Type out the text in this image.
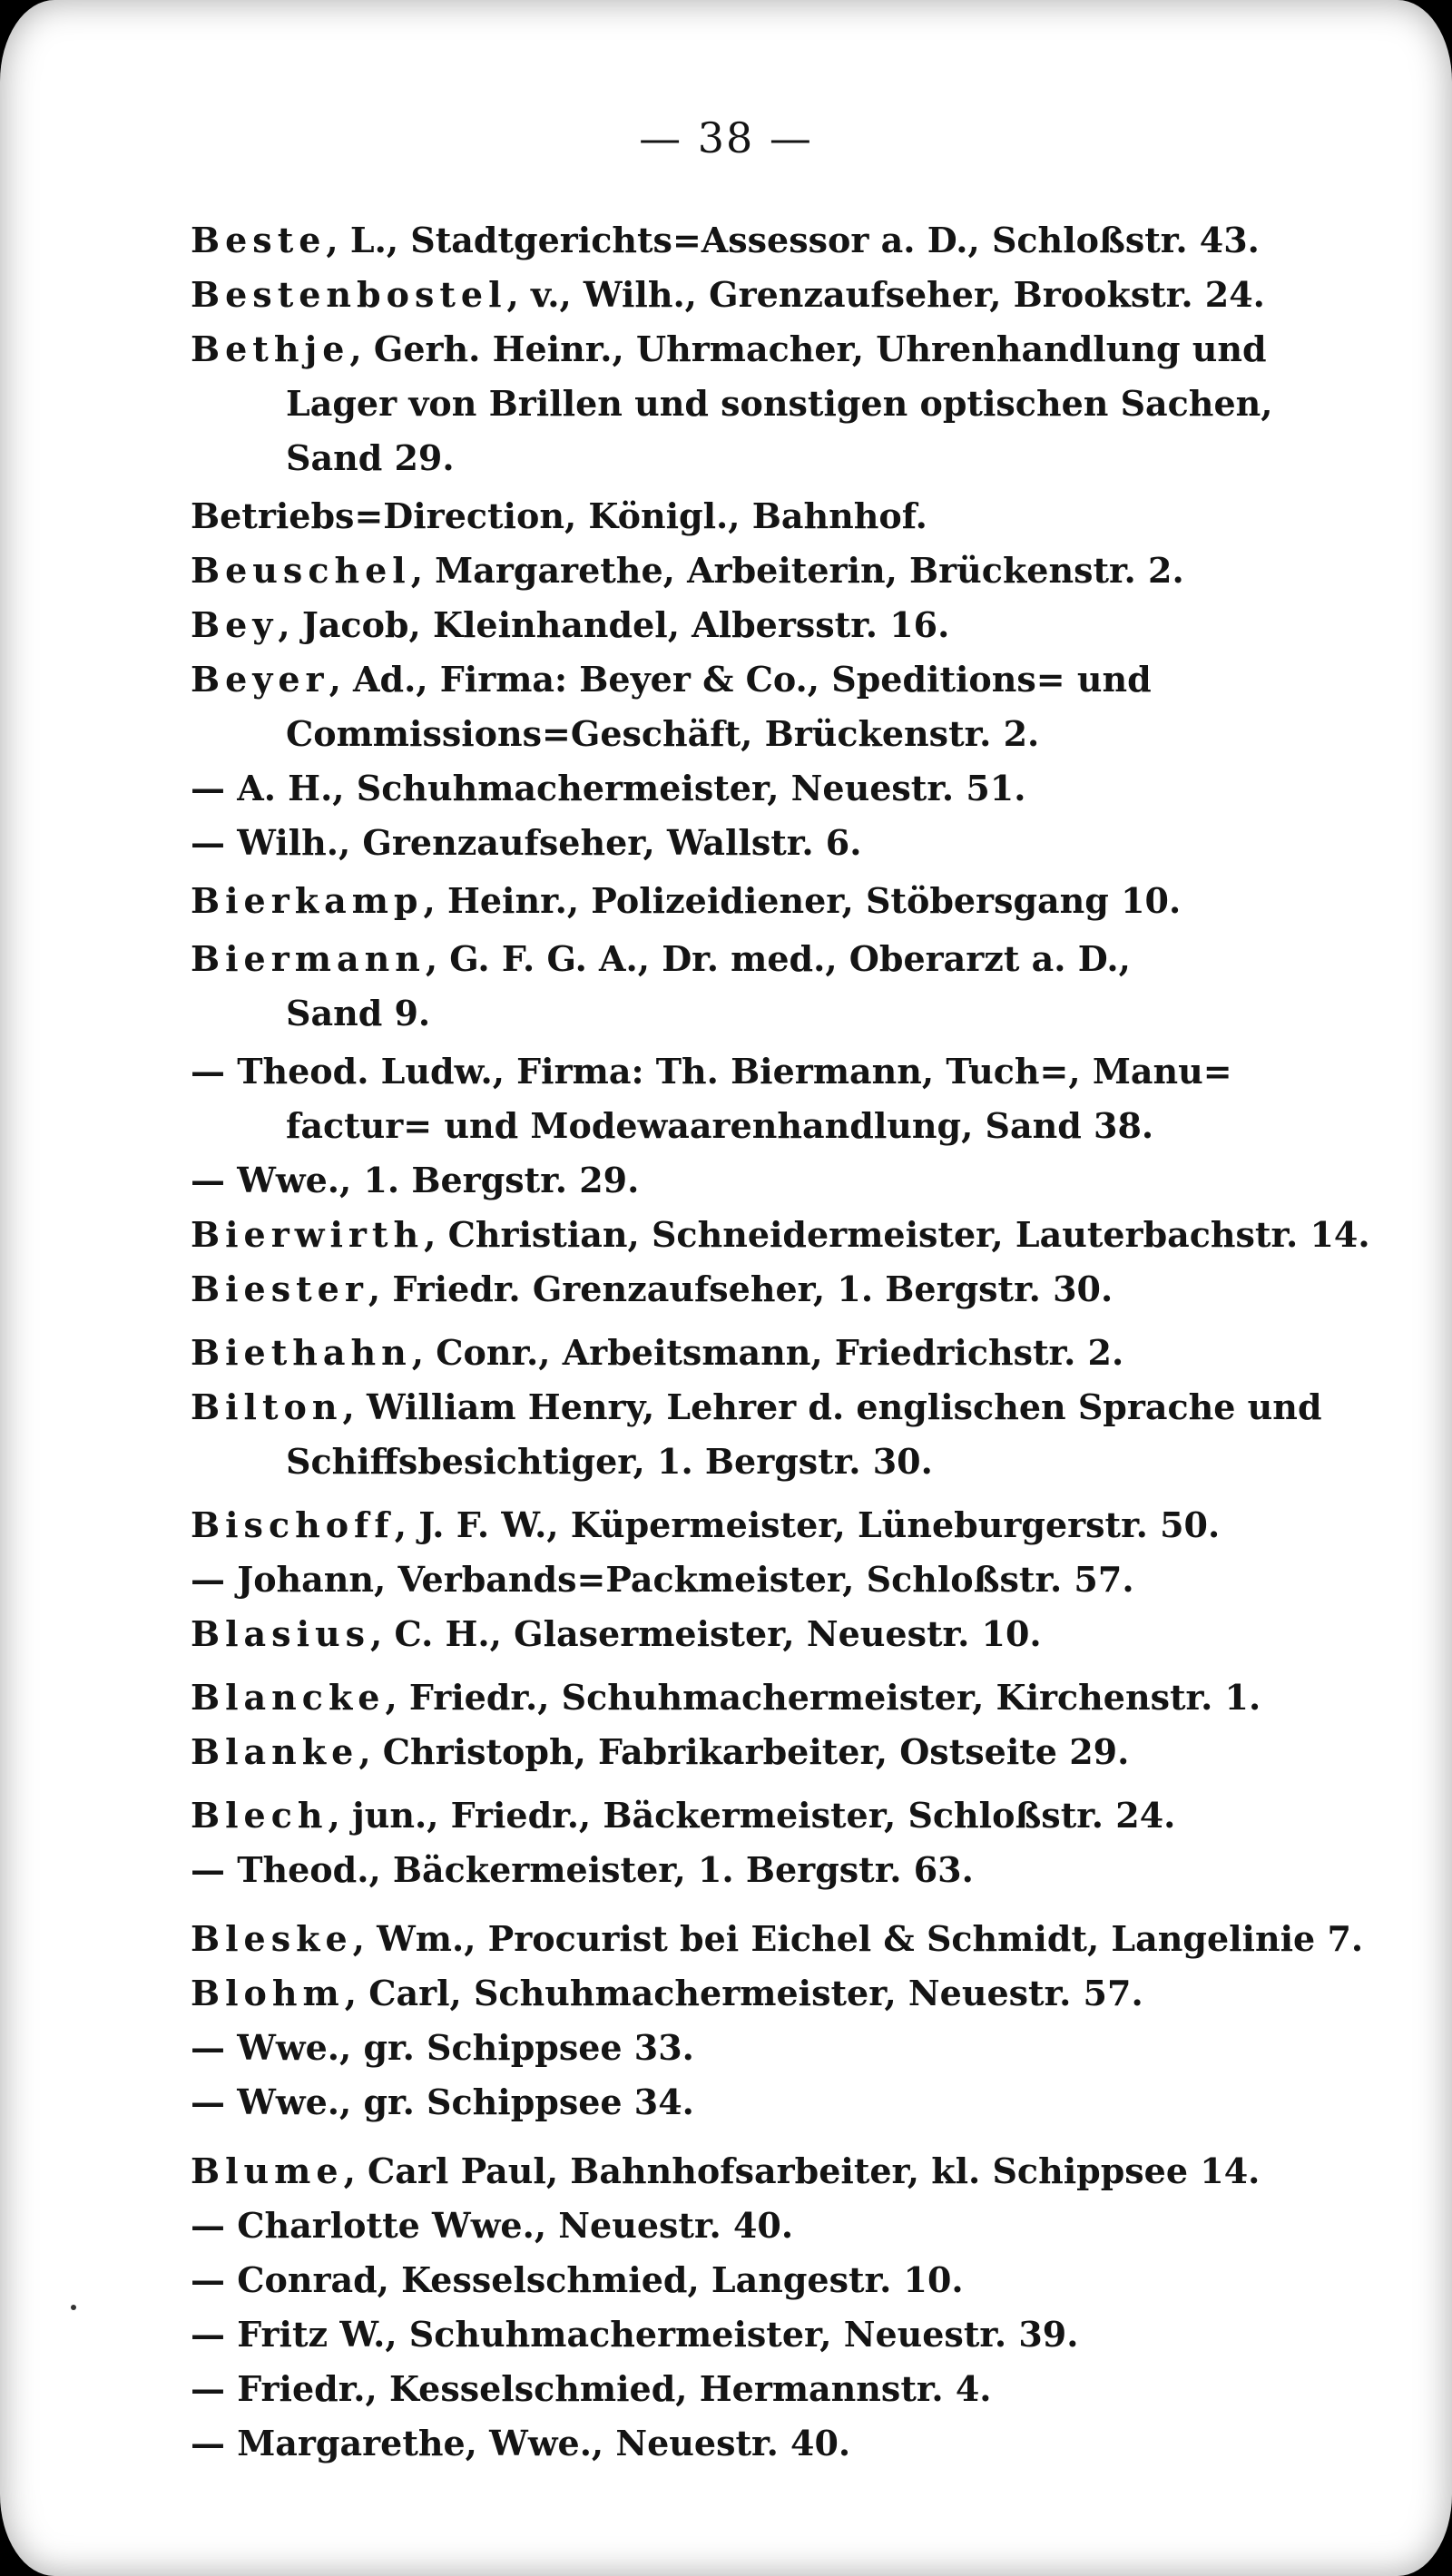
— 38 —

Beste, L., Stadtgerichts=Assessor a. D., Schloßstr. 43.

Bestenbostel, v., Wilh., Grenzaufseher, Brookstr. 24.

Bethje, Gerh. Heinr., Uhrmacher, Uhrenhandlung und
Lager von Brillen und sonstigen optischen Sachen,
Sand 29.

Betriebs=Direction, Königl., Bahnhof.

Beuschel, Margarethe, Arbeiterin, Brückenstr. 2.

Bey, Jacob, Kleinhandel, Albersstr. 16.

Beyer, Ad., Firma: Beyer & Co., Speditions= und
Commissions=Geschäft, Brückenstr. 2.

— A. H., Schuhmachermeister, Neuestr. 51.

— Wilh., Grenzaufseher, Wallstr. 6.

Bierkamp, Heinr., Polizeidiener, Stöbersgang 10.

Biermann, G. F. G. A., Dr. med., Oberarzt a. D.,
Sand 9.

— Theod. Ludw., Firma: Th. Biermann, Tuch=, Manu=
factur= und Modewaarenhandlung, Sand 38.

— Wwe., 1. Bergstr. 29.

Bierwirth, Christian, Schneidermeister, Lauterbachstr. 14.

Biester, Friedr. Grenzaufseher, 1. Bergstr. 30.

Biethahn, Conr., Arbeitsmann, Friedrichstr. 2.

Bilton, William Henry, Lehrer d. englischen Sprache und
Schiffsbesichtiger, 1. Bergstr. 30.

Bischoff, J. F. W., Küpermeister, Lüneburgerstr. 50.

— Johann, Verbands=Packmeister, Schloßstr. 57.

Blasius, C. H., Glasermeister, Neuestr. 10.

Blancke, Friedr., Schuhmachermeister, Kirchenstr. 1.

Blanke, Christoph, Fabrikarbeiter, Ostseite 29.

Blech, jun., Friedr., Bäckermeister, Schloßstr. 24.

— Theod., Bäckermeister, 1. Bergstr. 63.

Bleske, Wm., Procurist bei Eichel & Schmidt, Langelinie 7.

Blohm, Carl, Schuhmachermeister, Neuestr. 57.

— Wwe., gr. Schippsee 33.

— Wwe., gr. Schippsee 34.

Blume, Carl Paul, Bahnhofsarbeiter, kl. Schippsee 14.

— Charlotte Wwe., Neuestr. 40.

— Conrad, Kesselschmied, Langestr. 10.

— Fritz W., Schuhmachermeister, Neuestr. 39.

— Friedr., Kesselschmied, Hermannstr. 4.

— Margarethe, Wwe., Neuestr. 40.
